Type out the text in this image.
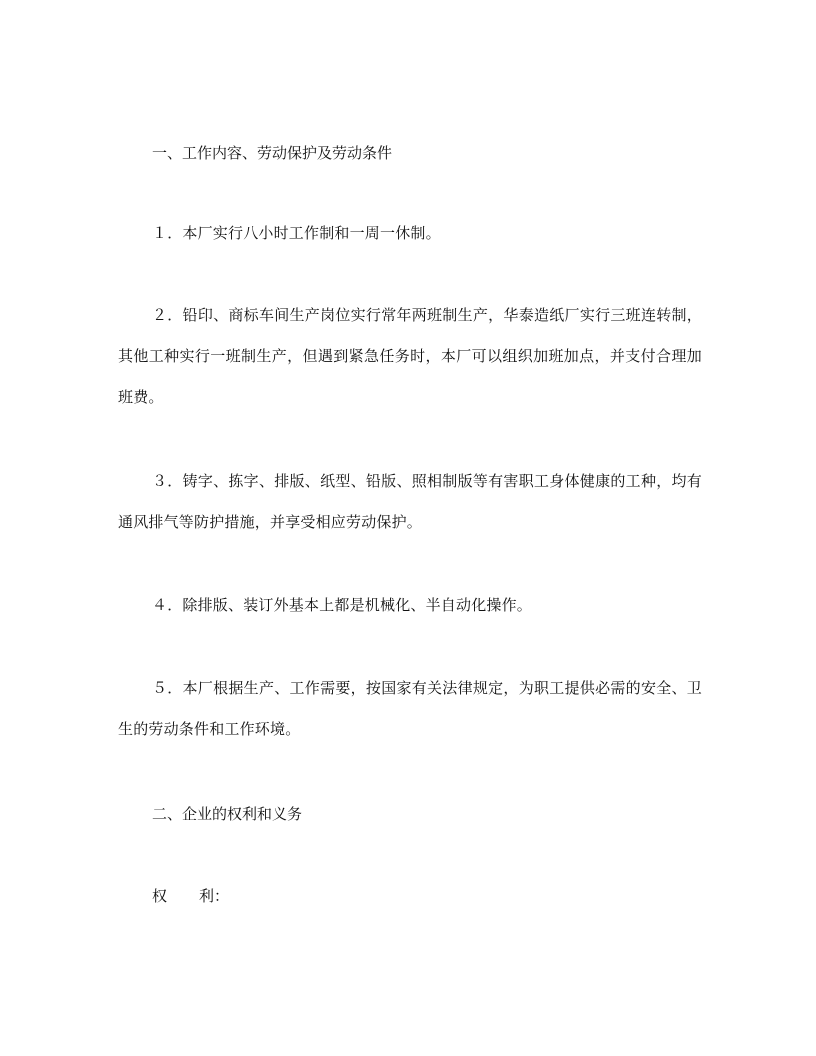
一、工作内容、劳动保护及劳动条件

１．本厂实行八小时工作制和一周一休制。

２．铅印、商标车间生产岗位实行常年两班制生产，华泰造纸厂实行三班连转制，其他工种实行一班制生产，但遇到紧急任务时，本厂可以组织加班加点，并支付合理加班费。

３．铸字、拣字、排版、纸型、铅版、照相制版等有害职工身体健康的工种，均有通风排气等防护措施，并享受相应劳动保护。

４．除排版、装订外基本上都是机械化、半自动化操作。

５．本厂根据生产、工作需要，按国家有关法律规定，为职工提供必需的安全、卫生的劳动条件和工作环境。

二、企业的权利和义务

权 利：
